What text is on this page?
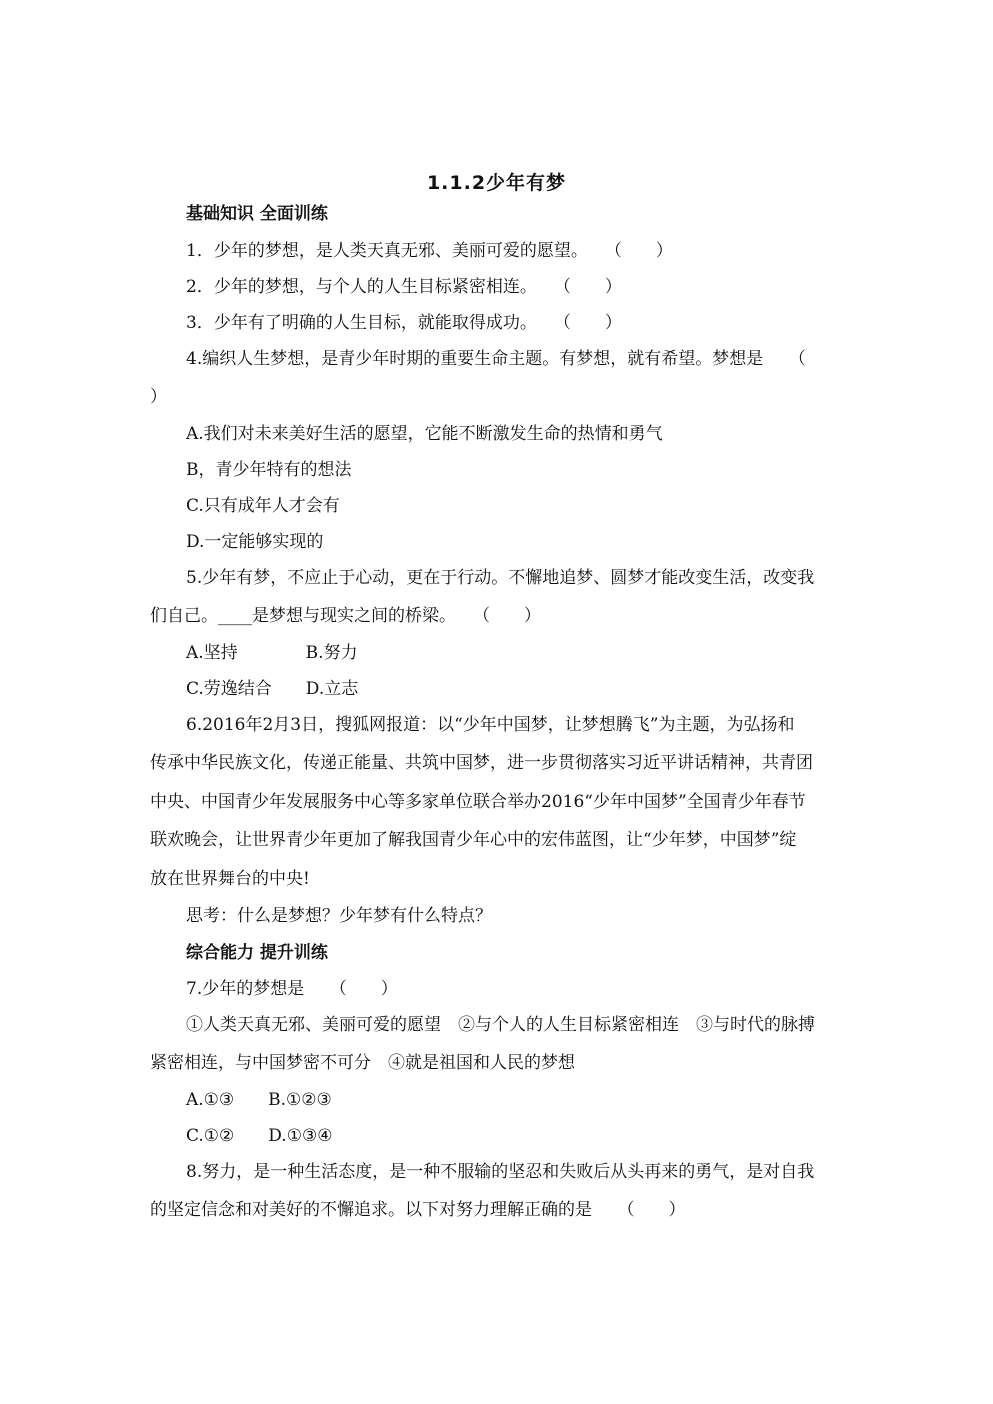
1.1.2少年有梦
基础知识 全面训练
1．少年的梦想，是人类天真无邪、美丽可爱的愿望。　　（　　）
2．少年的梦想，与个人的人生目标紧密相连。　　（　　）
3．少年有了明确的人生目标，就能取得成功。　　（　　）
4.编织人生梦想，是青少年时期的重要生命主题。有梦想，就有希望。梦想是　　（
）
A.我们对未来美好生活的愿望，它能不断激发生命的热情和勇气
B，青少年特有的想法
C.只有成年人才会有
D.一定能够实现的
5.少年有梦，不应止于心动，更在于行动。不懈地追梦、圆梦才能改变生活，改变我
们自己。____是梦想与现实之间的桥梁。　　（　　）
A.坚持　　　　B.努力
C.劳逸结合　　D.立志
6.2016年2月3日，搜狐网报道：以“少年中国梦，让梦想腾飞”为主题，为弘扬和
传承中华民族文化，传递正能量、共筑中国梦，进一步贯彻落实习近平讲话精神，共青团
中央、中国青少年发展服务中心等多家单位联合举办2016“少年中国梦”全国青少年春节
联欢晚会，让世界青少年更加了解我国青少年心中的宏伟蓝图，让“少年梦，中国梦”绽
放在世界舞台的中央!
思考：什么是梦想？少年梦有什么特点？
综合能力 提升训练
7.少年的梦想是　　（　　）
①人类天真无邪、美丽可爱的愿望　②与个人的人生目标紧密相连　③与时代的脉搏
紧密相连，与中国梦密不可分　④就是祖国和人民的梦想
A.①③　　B.①②③
C.①②　　D.①③④
8.努力，是一种生活态度，是一种不服输的坚忍和失败后从头再来的勇气，是对自我
的坚定信念和对美好的不懈追求。以下对努力理解正确的是　　（　　）
